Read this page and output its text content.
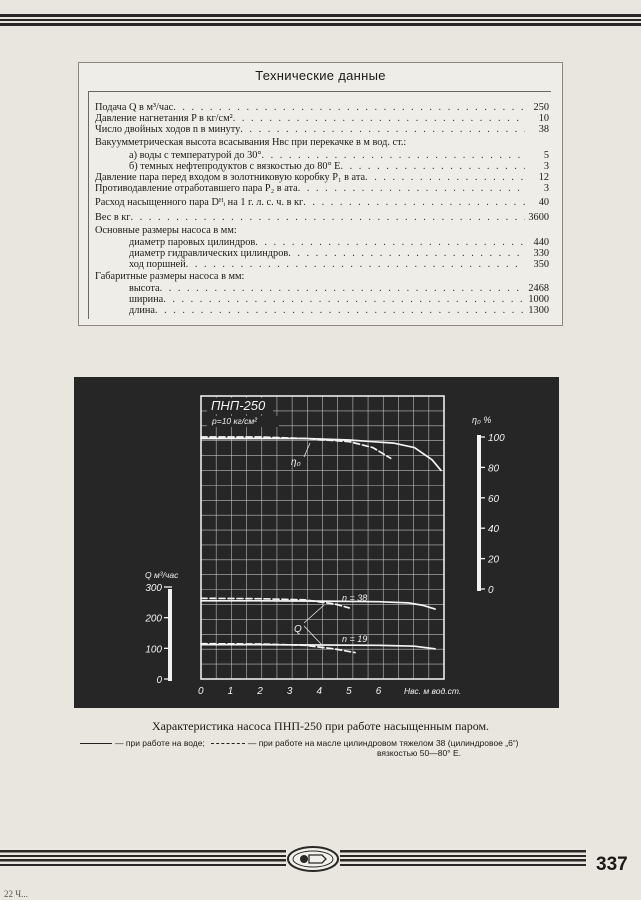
Технические данные
Подача Q в м³/час . . .	250
Давление нагнетания P в кг/см² . . .	10
Число двойных ходов n в минуту . . .	38
Вакуумметрическая высота всасывания Hвс при перекачке в м вод. ст.:
а) воды с температурой до 30° . . .	5
б) темных нефтепродуктов с вязкостью до 80° E . . .	3
Давление пара перед входом в золотниковую коробку P₁ в ата . . .	12
Противодавление отработавшего пара P₂ в ата . . .	3
Расход насыщенного пара Dᴴᵢ на 1 г. л. с. ч. в кг . . .	40
Вес в кг . . .	3600
Основные размеры насоса в мм:
диаметр паровых цилиндров . . .	440
диаметр гидравлических цилиндров . . .	330
ход поршней . . .	350
Габаритные размеры насоса в мм:
высота . . .	2468
ширина . . .	1000
длина . . .	1300
ПНП-250
p=10 кг/см²
0 1 2 3 4 5 6
0
100
200
300	0
20
40
60
80
100
η₀
n = 38
Q
n = 19
Hвс. м вод.ст.
Q м³/час
η₀ %
Характеристика насоса ПНП-250 при работе насыщенным паром.
— при работе на воде;	— при работе на масле цилиндровом тяжелом 38 (цилиндровое „6“)
вязкостью 50—80° E.
337
22 Ч...
